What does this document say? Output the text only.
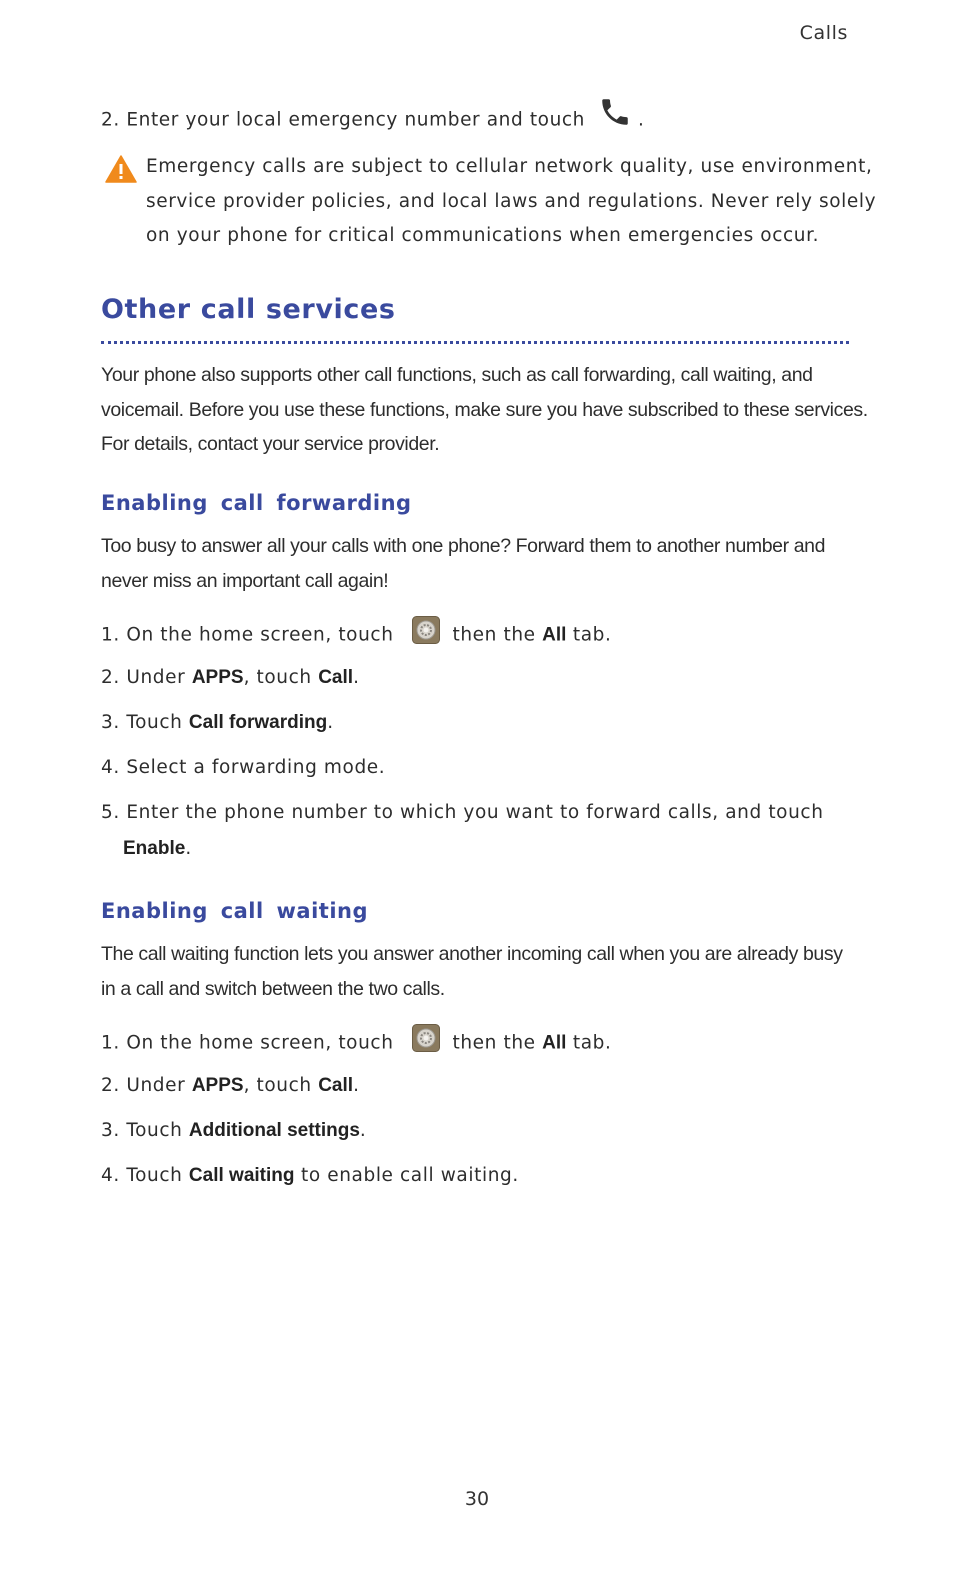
Calls
2. Enter your local emergency number and touch	.
Emergency calls are subject to cellular network quality, use environment,
service provider policies, and local laws and regulations. Never rely solely
on your phone for critical communications when emergencies occur.
Other call services
Your phone also supports other call functions, such as call forwarding, call waiting, and
voicemail. Before you use these functions, make sure you have subscribed to these services.
For details, contact your service provider.
Enabling call forwarding
Too busy to answer all your calls with one phone? Forward them to another number and
never miss an important call again!
1. On the home screen, touch	then the All tab.
2. Under APPS, touch Call.
3. Touch Call forwarding.
4. Select a forwarding mode.
5. Enter the phone number to which you want to forward calls, and touch
Enable.
Enabling call waiting
The call waiting function lets you answer another incoming call when you are already busy
in a call and switch between the two calls.
1. On the home screen, touch	then the All tab.
2. Under APPS, touch Call.
3. Touch Additional settings.
4. Touch Call waiting to enable call waiting.
30
